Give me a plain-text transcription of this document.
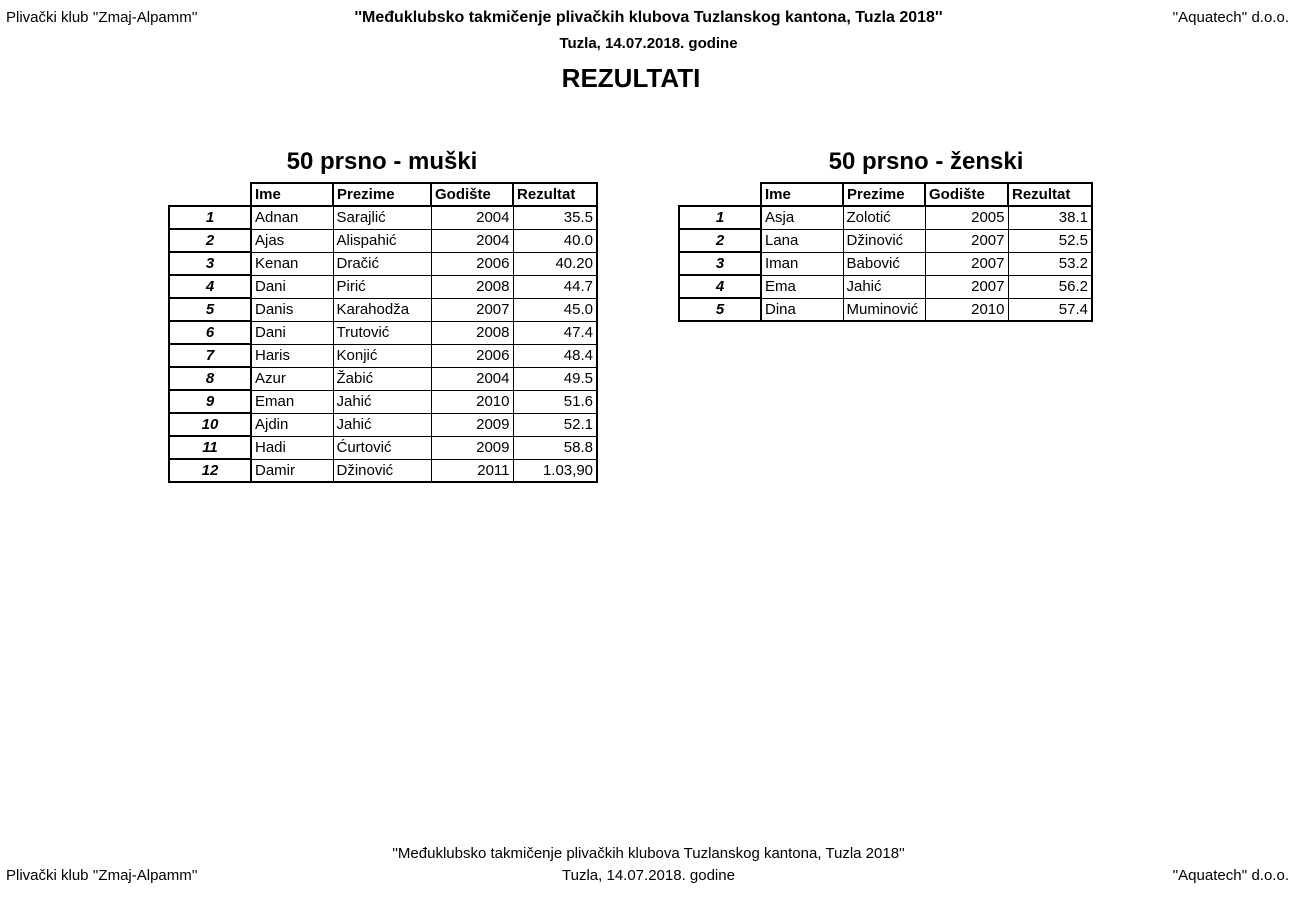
Plivački klub ''Zmaj-Alpamm''	''Međuklubsko takmičenje plivačkih klubova Tuzlanskog kantona, Tuzla 2018''	''Aquatech'' d.o.o.
Tuzla, 14.07.2018. godine
REZULTATI
50 prsno - muški	50 prsno - ženski
	Ime	Prezime	Godište	Rezultat
1	Adnan	Sarajlić	2004	35.5
2	Ajas	Alispahić	2004	40.0
3	Kenan	Dračić	2006	40.20
4	Dani	Pirić	2008	44.7
5	Danis	Karahodža	2007	45.0
6	Dani	Trutović	2008	47.4
7	Haris	Konjić	2006	48.4
8	Azur	Žabić	2004	49.5
9	Eman	Jahić	2010	51.6
10	Ajdin	Jahić	2009	52.1
11	Hadi	Ćurtović	2009	58.8
12	Damir	Džinović	2011	1.03,90
	Ime	Prezime	Godište	Rezultat
1	Asja	Zolotić	2005	38.1
2	Lana	Džinović	2007	52.5
3	Iman	Babović	2007	53.2
4	Ema	Jahić	2007	56.2
5	Dina	Muminović	2010	57.4
''Međuklubsko takmičenje plivačkih klubova Tuzlanskog kantona, Tuzla 2018''
Plivački klub ''Zmaj-Alpamm''	Tuzla, 14.07.2018. godine	''Aquatech'' d.o.o.
